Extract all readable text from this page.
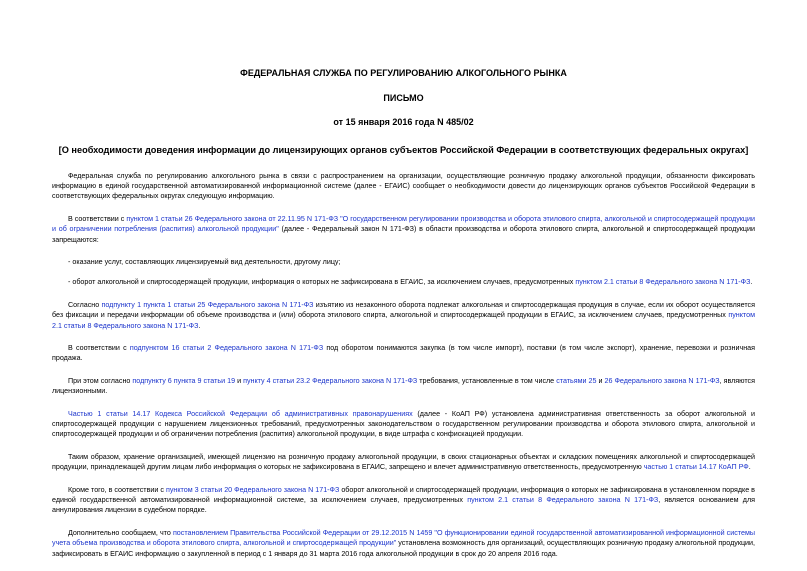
ФЕДЕРАЛЬНАЯ СЛУЖБА ПО РЕГУЛИРОВАНИЮ АЛКОГОЛЬНОГО РЫНКА

ПИСЬМО

от 15 января 2016 года N 485/02

[О необходимости доведения информации до лицензирующих органов субъектов Российской Федерации в соответствующих федеральных округах]

Федеральная служба по регулированию алкогольного рынка в связи с распространением на организации, осуществляющие розничную продажу алкогольной продукции, обязанности фиксировать информацию в единой государственной автоматизированной информационной системе (далее - ЕГАИС) сообщает о необходимости довести до лицензирующих органов субъектов Российской Федерации в соответствующих федеральных округах следующую информацию.

В соответствии с пунктом 1 статьи 26 Федерального закона от 22.11.95 N 171-ФЗ "О государственном регулировании производства и оборота этилового спирта, алкогольной и спиртосодержащей продукции и об ограничении потребления (распития) алкогольной продукции" (далее - Федеральный закон N 171-ФЗ) в области производства и оборота этилового спирта, алкогольной и спиртосодержащей продукции запрещаются:

- оказание услуг, составляющих лицензируемый вид деятельности, другому лицу;

- оборот алкогольной и спиртосодержащей продукции, информация о которых не зафиксирована в ЕГАИС, за исключением случаев, предусмотренных пунктом 2.1 статьи 8 Федерального закона N 171-ФЗ.

Согласно подпункту 1 пункта 1 статьи 25 Федерального закона N 171-ФЗ изъятию из незаконного оборота подлежат алкогольная и спиртосодержащая продукция в случае, если их оборот осуществляется без фиксации и передачи информации об объеме производства и (или) оборота этилового спирта, алкогольной и спиртосодержащей продукции в ЕГАИС, за исключением случаев, предусмотренных пунктом 2.1 статьи 8 Федерального закона N 171-ФЗ.

В соответствии с подпунктом 16 статьи 2 Федерального закона N 171-ФЗ под оборотом понимаются закупка (в том числе импорт), поставки (в том числе экспорт), хранение, перевозки и розничная продажа.

При этом согласно подпункту 6 пункта 9 статьи 19 и пункту 4 статьи 23.2 Федерального закона N 171-ФЗ требования, установленные в том числе статьями 25 и 26 Федерального закона N 171-ФЗ, являются лицензионными.

Частью 1 статьи 14.17 Кодекса Российской Федерации об административных правонарушениях (далее - КоАП РФ) установлена административная ответственность за оборот алкогольной и спиртосодержащей продукции с нарушением лицензионных требований, предусмотренных законодательством о государственном регулировании производства и оборота этилового спирта, алкогольной и спиртосодержащей продукции и об ограничении потребления (распития) алкогольной продукции, в виде штрафа с конфискацией продукции.

Таким образом, хранение организацией, имеющей лицензию на розничную продажу алкогольной продукции, в своих стационарных объектах и складских помещениях алкогольной и спиртосодержащей продукции, принадлежащей другим лицам либо информация о которых не зафиксирована в ЕГАИС, запрещено и влечет административную ответственность, предусмотренную частью 1 статьи 14.17 КоАП РФ.

Кроме того, в соответствии с пунктом 3 статьи 20 Федерального закона N 171-ФЗ оборот алкогольной и спиртосодержащей продукции, информация о которых не зафиксирована в установленном порядке в единой государственной автоматизированной информационной системе, за исключением случаев, предусмотренных пунктом 2.1 статьи 8 Федерального закона N 171-ФЗ, является основанием для аннулирования лицензии в судебном порядке.

Дополнительно сообщаем, что постановлением Правительства Российской Федерации от 29.12.2015 N 1459 "О функционировании единой государственной автоматизированной информационной системы учета объема производства и оборота этилового спирта, алкогольной и спиртосодержащей продукции" установлена возможность для организаций, осуществляющих розничную продажу алкогольной продукции, зафиксировать в ЕГАИС информацию о закупленной в период с 1 января до 31 марта 2016 года алкогольной продукции в срок до 20 апреля 2016 года.
